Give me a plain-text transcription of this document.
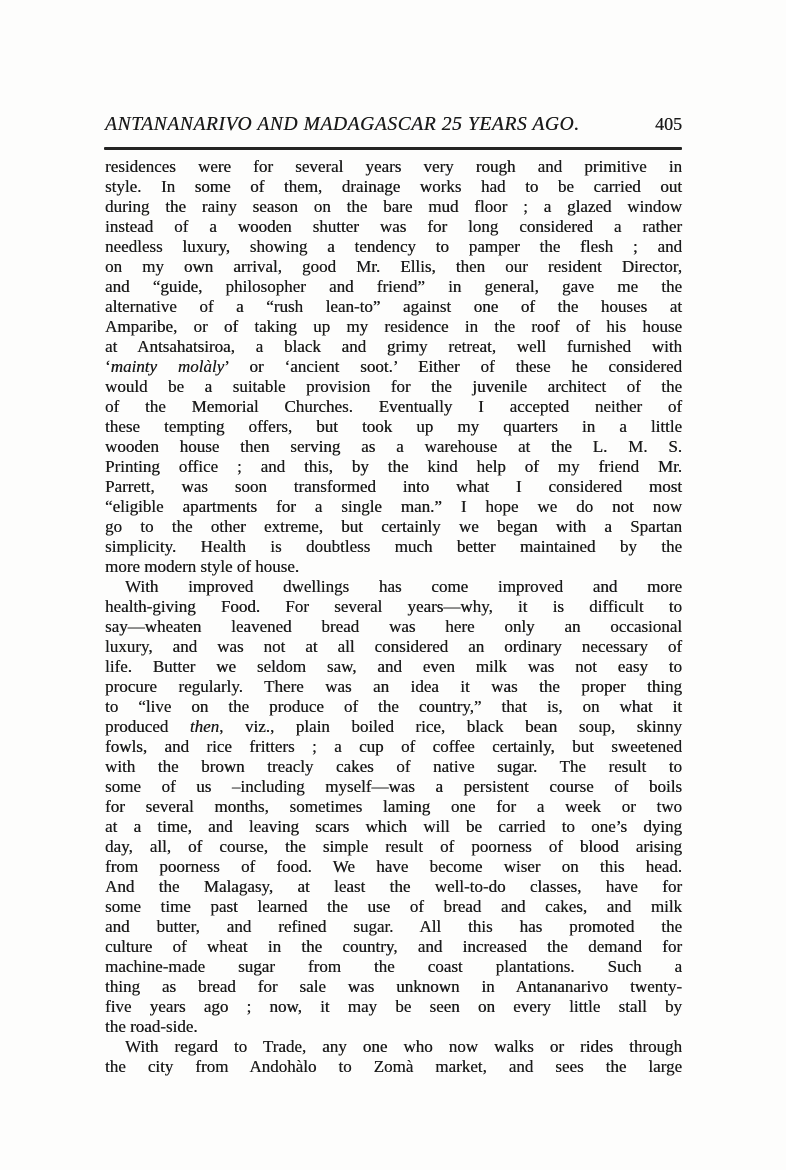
ANTANANARIVO AND MADAGASCAR 25 YEARS AGO.	405
residences were for several years very rough and primitive in
style. In some of them, drainage works had to be carried out
during the rainy season on the bare mud floor ; a glazed window
instead of a wooden shutter was for long considered a rather
needless luxury, showing a tendency to pamper the flesh ; and
on my own arrival, good Mr. Ellis, then our resident Director,
and “guide, philosopher and friend” in general, gave me the
alternative of a “rush lean-to” against one of the houses at
Amparibe, or of taking up my residence in the roof of his house
at Antsahatsiroa, a black and grimy retreat, well furnished with
‘mainty molàly’ or ‘ancient soot.’ Either of these he considered
would be a suitable provision for the juvenile architect of the
of the Memorial Churches. Eventually I accepted neither of
these tempting offers, but took up my quarters in a little
wooden house then serving as a warehouse at the L. M. S.
Printing office ; and this, by the kind help of my friend Mr.
Parrett, was soon transformed into what I considered most
“eligible apartments for a single man.” I hope we do not now
go to the other extreme, but certainly we began with a Spartan
simplicity. Health is doubtless much better maintained by the
more modern style of house.
With improved dwellings has come improved and more
health-giving Food. For several years—why, it is difficult to
say—wheaten leavened bread was here only an occasional
luxury, and was not at all considered an ordinary necessary of
life. Butter we seldom saw, and even milk was not easy to
procure regularly. There was an idea it was the proper thing
to “live on the produce of the country,” that is, on what it
produced then, viz., plain boiled rice, black bean soup, skinny
fowls, and rice fritters ; a cup of coffee certainly, but sweetened
with the brown treacly cakes of native sugar. The result to
some of us –including myself—was a persistent course of boils
for several months, sometimes laming one for a week or two
at a time, and leaving scars which will be carried to one’s dying
day, all, of course, the simple result of poorness of blood arising
from poorness of food. We have become wiser on this head.
And the Malagasy, at least the well-to-do classes, have for
some time past learned the use of bread and cakes, and milk
and butter, and refined sugar. All this has promoted the
culture of wheat in the country, and increased the demand for
machine-made sugar from the coast plantations. Such a
thing as bread for sale was unknown in Antananarivo twenty-
five years ago ; now, it may be seen on every little stall by
the road-side.
With regard to Trade, any one who now walks or rides through
the city from Andohàlo to Zomà market, and sees the large
